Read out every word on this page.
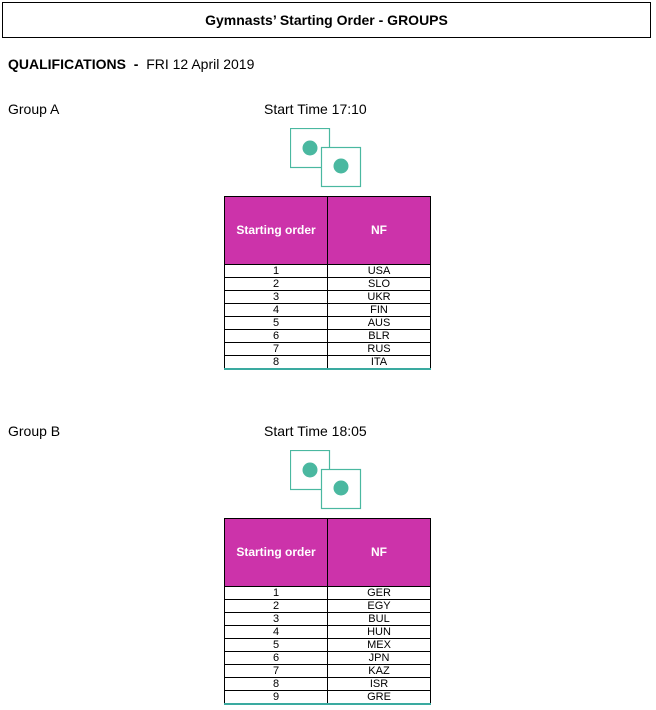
Gymnasts’ Starting Order - GROUPS
QUALIFICATIONS  -  FRI 12 April 2019
Group A	Start Time 17:10
Starting order	NF
1	USA
2	SLO
3	UKR
4	FIN
5	AUS
6	BLR
7	RUS
8	ITA
Group B	Start Time 18:05
Starting order	NF
1	GER
2	EGY
3	BUL
4	HUN
5	MEX
6	JPN
7	KAZ
8	ISR
9	GRE
